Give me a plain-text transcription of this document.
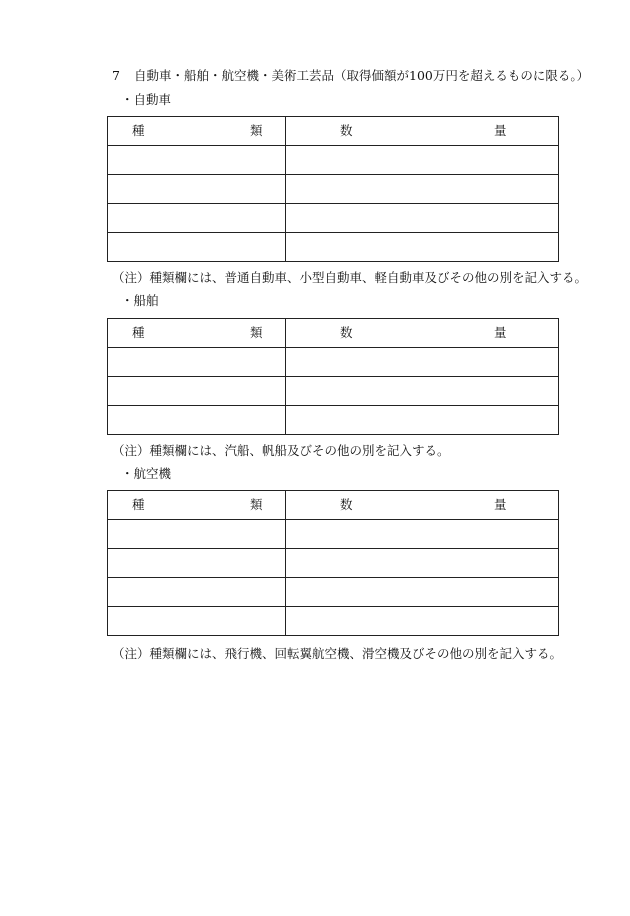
7 自動車・船舶・航空機・美術工芸品（取得価額が100万円を超えるものに限る。）
・自動車
種 類	数 量

（注）種類欄には、普通自動車、小型自動車、軽自動車及びその他の別を記入する。
・船舶
種 類	数 量

（注）種類欄には、汽船、帆船及びその他の別を記入する。
・航空機
種 類	数 量

（注）種類欄には、飛行機、回転翼航空機、滑空機及びその他の別を記入する。
